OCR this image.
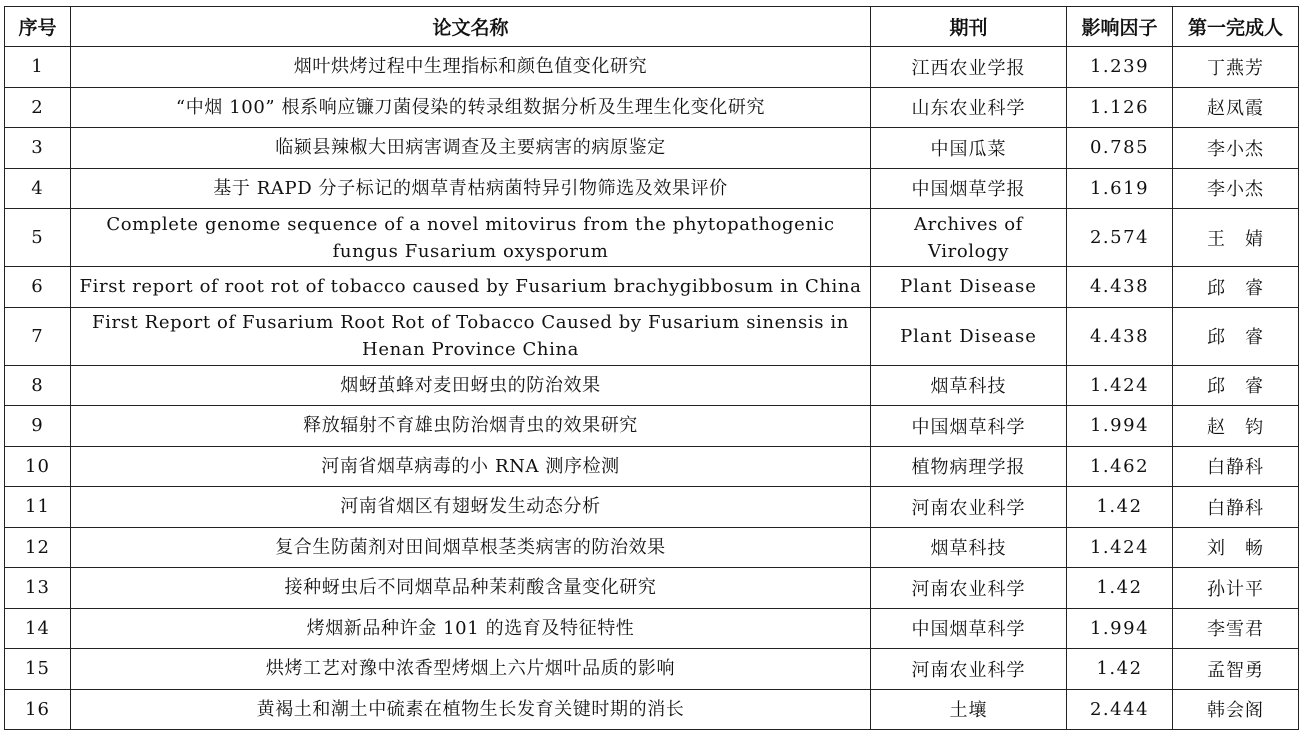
序号	论文名称	期刊	影响因子	第一完成人
1	烟叶烘烤过程中生理指标和颜色值变化研究	江西农业学报	1.239	丁燕芳
2	“中烟 100” 根系响应镰刀菌侵染的转录组数据分析及生理生化变化研究	山东农业科学	1.126	赵凤霞
3	临颍县辣椒大田病害调查及主要病害的病原鉴定	中国瓜菜	0.785	李小杰
4	基于 RAPD 分子标记的烟草青枯病菌特异引物筛选及效果评价	中国烟草学报	1.619	李小杰
5	Complete genome sequence of a novel mitovirus from the phytopathogenic fungus Fusarium oxysporum	Archives of Virology	2.574	王　婧
6	First report of root rot of tobacco caused by Fusarium brachygibbosum in China	Plant Disease	4.438	邱　睿
7	First Report of Fusarium Root Rot of Tobacco Caused by Fusarium sinensis in Henan Province China	Plant Disease	4.438	邱　睿
8	烟蚜茧蜂对麦田蚜虫的防治效果	烟草科技	1.424	邱　睿
9	释放辐射不育雄虫防治烟青虫的效果研究	中国烟草科学	1.994	赵　钧
10	河南省烟草病毒的小 RNA 测序检测	植物病理学报	1.462	白静科
11	河南省烟区有翅蚜发生动态分析	河南农业科学	1.42	白静科
12	复合生防菌剂对田间烟草根茎类病害的防治效果	烟草科技	1.424	刘　畅
13	接种蚜虫后不同烟草品种茉莉酸含量变化研究	河南农业科学	1.42	孙计平
14	烤烟新品种许金 101 的选育及特征特性	中国烟草科学	1.994	李雪君
15	烘烤工艺对豫中浓香型烤烟上六片烟叶品质的影响	河南农业科学	1.42	孟智勇
16	黄褐土和潮土中硫素在植物生长发育关键时期的消长	土壤	2.444	韩会阁
